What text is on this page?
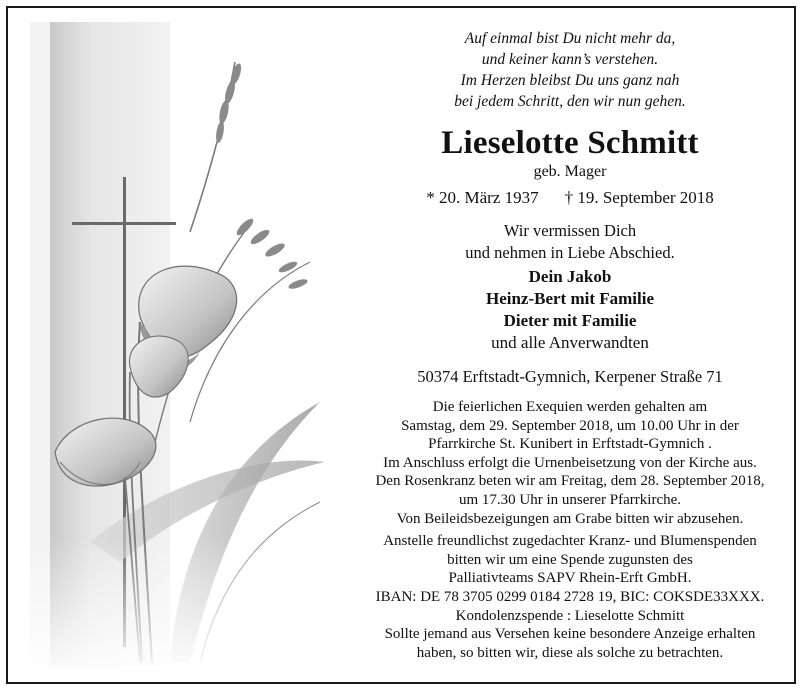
Auf einmal bist Du nicht mehr da,
und keiner kann’s verstehen.
Im Herzen bleibst Du uns ganz nah
bei jedem Schritt, den wir nun gehen.
Lieselotte Schmitt
geb. Mager
* 20. März 1937 † 19. September 2018
Wir vermissen Dich
und nehmen in Liebe Abschied.
Dein Jakob
Heinz-Bert mit Familie
Dieter mit Familie
und alle Anverwandten
50374 Erftstadt-Gymnich, Kerpener Straße 71
Die feierlichen Exequien werden gehalten am
Samstag, dem 29. September 2018, um 10.00 Uhr in der
Pfarrkirche St. Kunibert in Erftstadt-Gymnich .
Im Anschluss erfolgt die Urnenbeisetzung von der Kirche aus.
Den Rosenkranz beten wir am Freitag, dem 28. September 2018,
um 17.30 Uhr in unserer Pfarrkirche.
Von Beileidsbezeigungen am Grabe bitten wir abzusehen.
Anstelle freundlichst zugedachter Kranz- und Blumenspenden
bitten wir um eine Spende zugunsten des
Palliativteams SAPV Rhein-Erft GmbH.
IBAN: DE 78 3705 0299 0184 2728 19, BIC: COKSDE33XXX.
Kondolenzspende : Lieselotte Schmitt
Sollte jemand aus Versehen keine besondere Anzeige erhalten
haben, so bitten wir, diese als solche zu betrachten.
